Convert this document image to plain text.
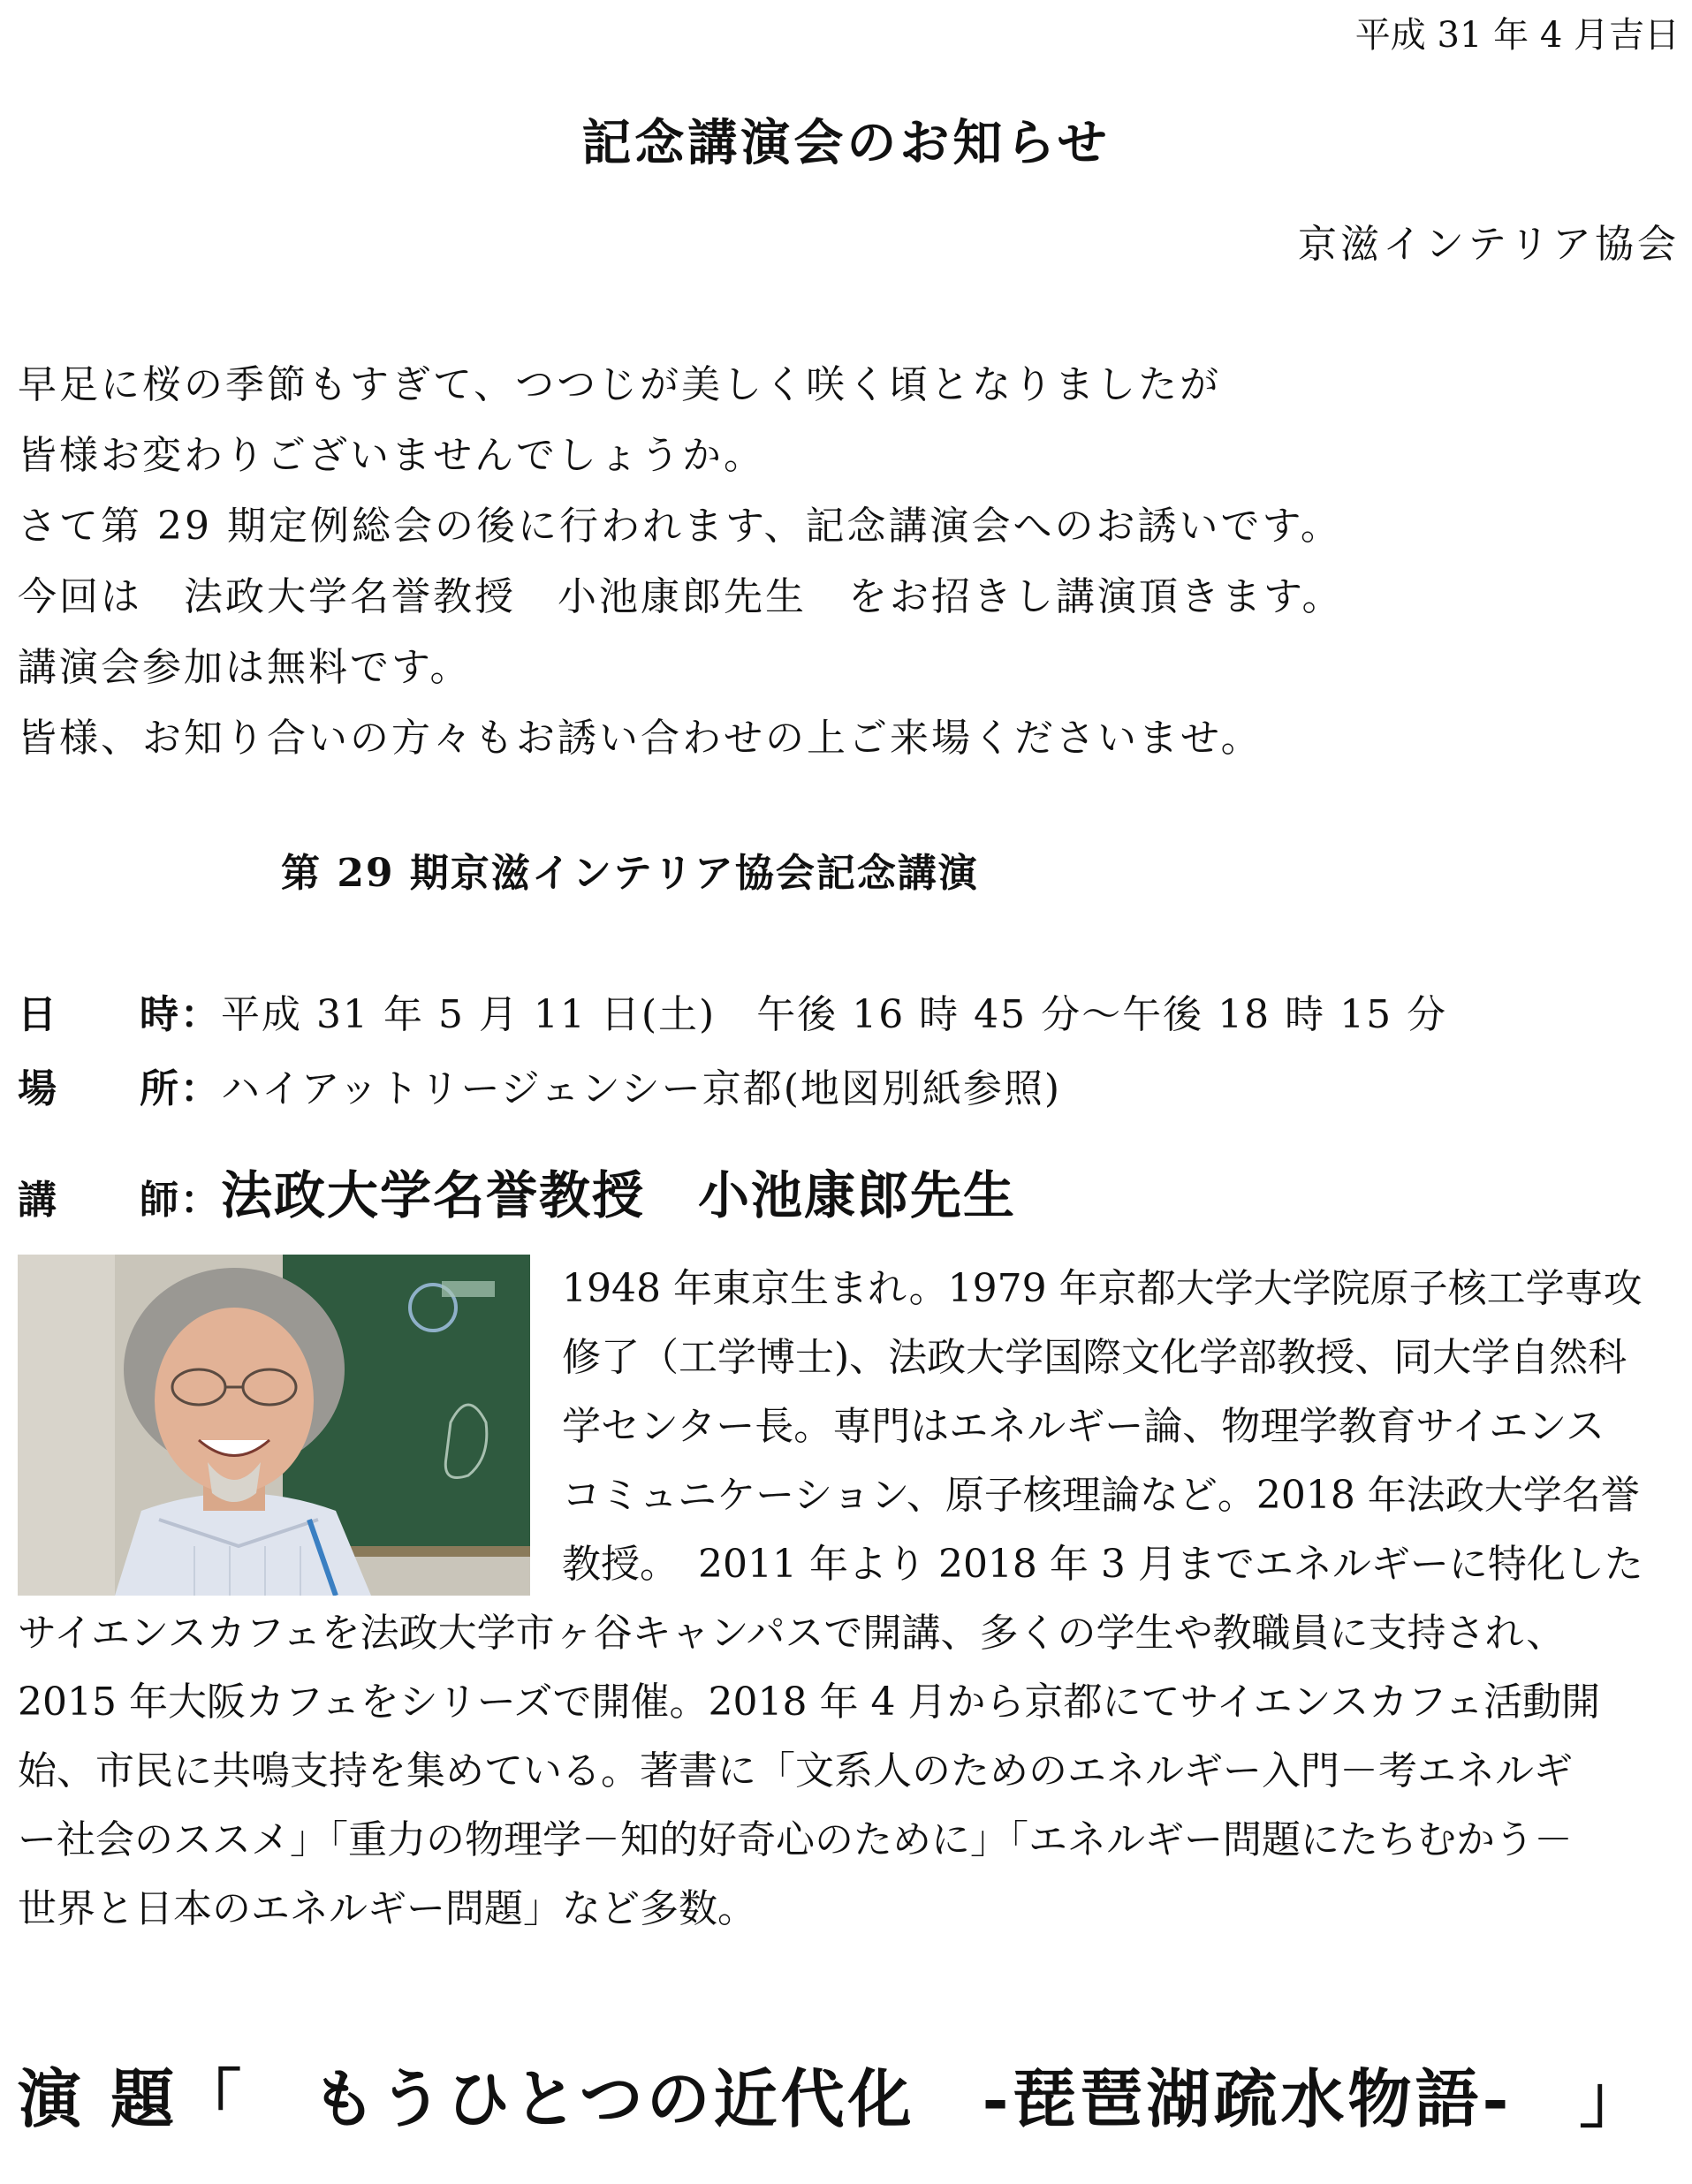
平成 31 年 4 月吉日
記念講演会のお知らせ
京滋インテリア協会

早足に桜の季節もすぎて、つつじが美しく咲く頃となりましたが

皆様お変わりございませんでしょうか。

さて第 29 期定例総会の後に行われます、記念講演会へのお誘いです。

今回は　法政大学名誉教授　小池康郎先生　をお招きし講演頂きます。

講演会参加は無料です。

皆様、お知り合いの方々もお誘い合わせの上ご来場くださいませ。

第 29 期京滋インテリア協会記念講演
日　　時：平成 31 年 5 月 11 日(土)　午後 16 時 45 分～午後 18 時 15 分
場　　所：ハイアットリージェンシー京都(地図別紙参照)
講　　師：法政大学名誉教授　小池康郎先生

1948 年東京生まれ。1979 年京都大学大学院原子核工学専攻

修了（工学博士)、法政大学国際文化学部教授、同大学自然科

学センター長。専門はエネルギー論、物理学教育サイエンス

コミュニケーション、原子核理論など。2018 年法政大学名誉

教授。　2011 年より 2018 年 3 月までエネルギーに特化した

サイエンスカフェを法政大学市ヶ谷キャンパスで開講、多くの学生や教職員に支持され、

2015 年大阪カフェをシリーズで開催。2018 年 4 月から京都にてサイエンスカフェ活動開

始、市民に共鳴支持を集めている。著書に「文系人のためのエネルギー入門－考エネルギ

ー社会のススメ」「重力の物理学－知的好奇心のために」「エネルギー問題にたちむかう－

世界と日本のエネルギー問題」など多数。

演 題「　もうひとつの近代化　-琵琶湖疏水物語-　」
